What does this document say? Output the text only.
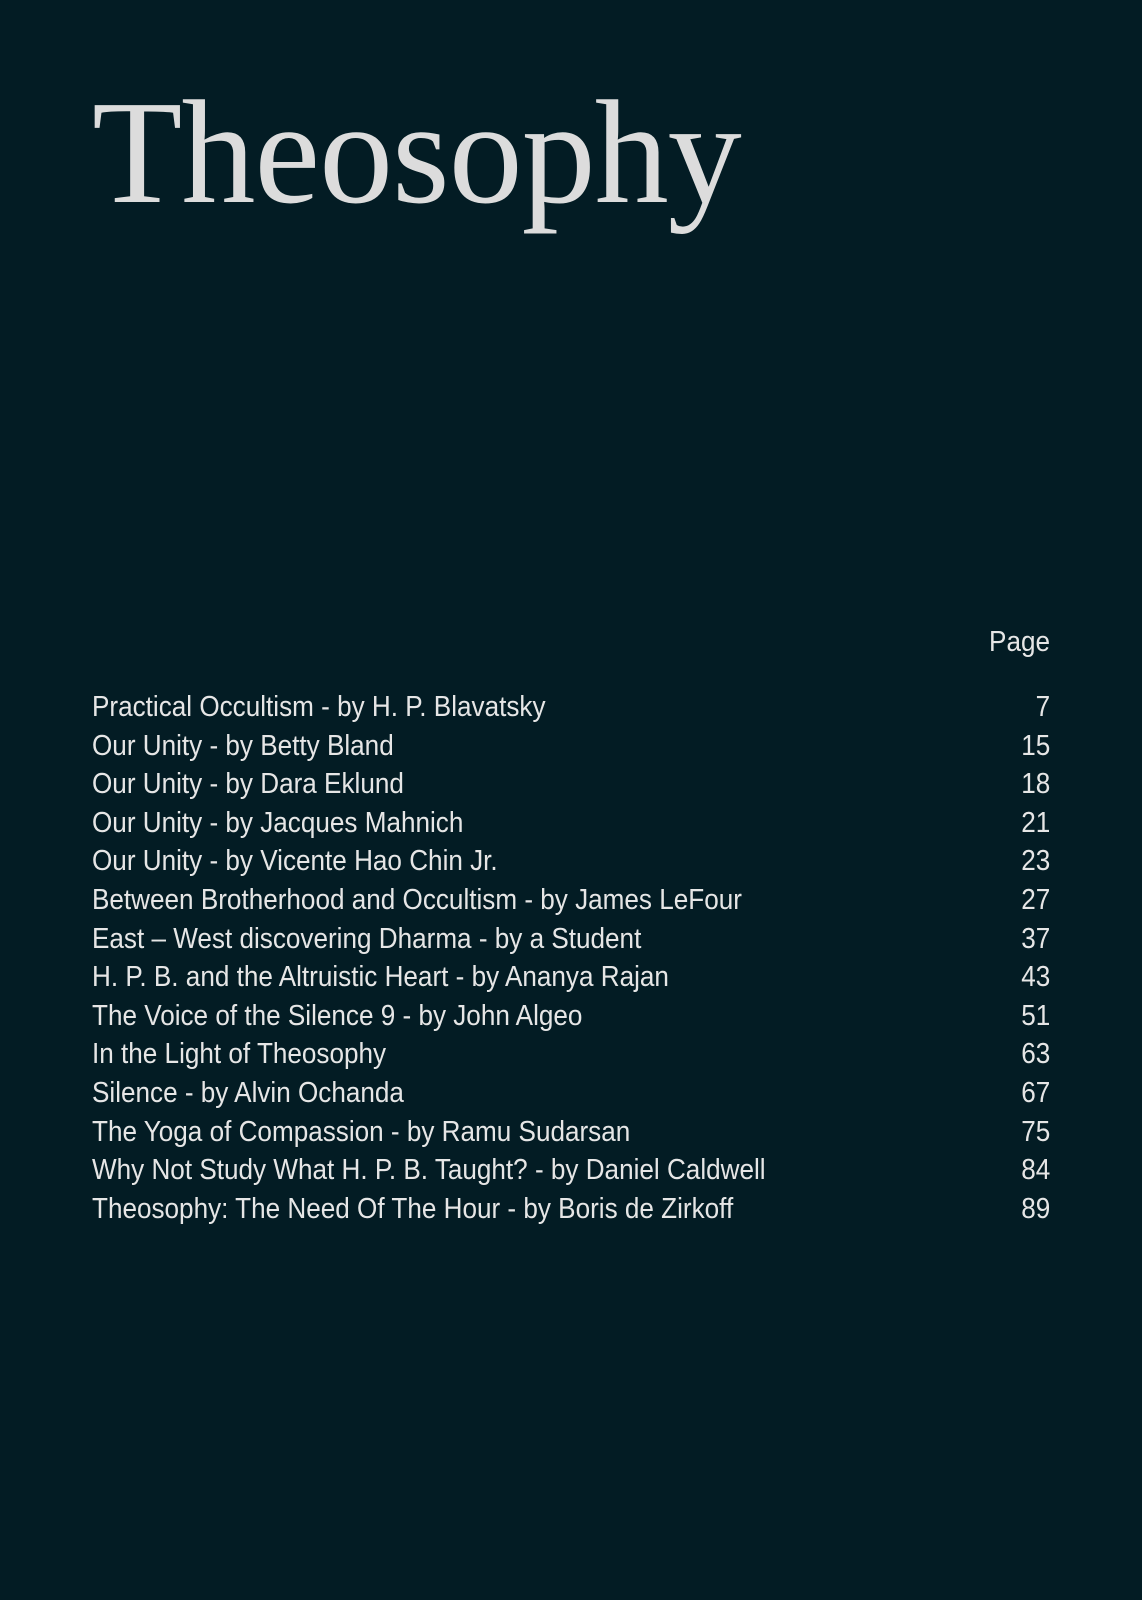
Theosophy
Page
Practical Occultism - by H. P. Blavatsky	7
Our Unity - by Betty Bland	15
Our Unity - by Dara Eklund	18
Our Unity - by Jacques Mahnich	21
Our Unity - by Vicente Hao Chin Jr.	23
Between Brotherhood and Occultism - by James LeFour	27
East – West discovering Dharma - by a Student	37
H. P. B. and the Altruistic Heart - by Ananya Rajan	43
The Voice of the Silence 9 - by John Algeo	51
In the Light of Theosophy	63
Silence - by Alvin Ochanda	67
The Yoga of Compassion - by Ramu Sudarsan	75
Why Not Study What H. P. B. Taught? - by Daniel Caldwell	84
Theosophy: The Need Of The Hour - by Boris de Zirkoff	89
